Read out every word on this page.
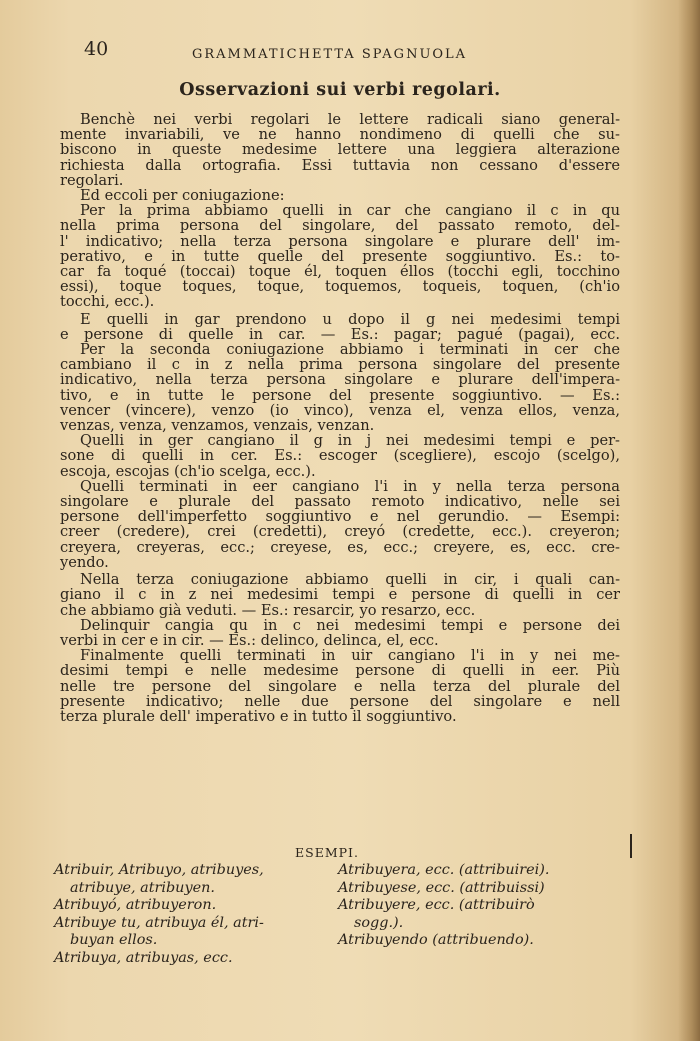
40	GRAMMATICHETTA SPAGNUOLA
Osservazioni sui verbi regolari.
Benchè nei verbi regolari le lettere radicali siano general-
mente invariabili, ve ne hanno nondimeno di quelli che su-
biscono in queste medesime lettere una leggiera alterazione
richiesta dalla ortografia. Essi tuttavia non cessano d'essere
regolari.
Ed eccoli per coniugazione:
Per la prima abbiamo quelli in car che cangiano il c in qu
nella prima persona del singolare, del passato remoto, del-
l' indicativo; nella terza persona singolare e plurare dell' im-
perativo, e in tutte quelle del presente soggiuntivo. Es.: to-
car fa toqué (toccai) toque él, toquen éllos (tocchi egli, tocchino
essi), toque toques, toque, toquemos, toqueis, toquen, (ch'io
tocchi, ecc.).
E quelli in gar prendono u dopo il g nei medesimi tempi
e persone di quelle in car. — Es.: pagar; pagué (pagai), ecc.
Per la seconda coniugazione abbiamo i terminati in cer che
cambiano il c in z nella prima persona singolare del presente
indicativo, nella terza persona singolare e plurare dell'impera-
tivo, e in tutte le persone del presente soggiuntivo. — Es.:
vencer (vincere), venzo (io vinco), venza el, venza ellos, venza,
venzas, venza, venzamos, venzais, venzan.
Quelli in ger cangiano il g in j nei medesimi tempi e per-
sone di quelli in cer. Es.: escoger (scegliere), escojo (scelgo),
escoja, escojas (ch'io scelga, ecc.).
Quelli terminati in eer cangiano l'i in y nella terza persona
singolare e plurale del passato remoto indicativo, nelle sei
persone dell'imperfetto soggiuntivo e nel gerundio. — Esempi:
creer (credere), crei (credetti), creyó (credette, ecc.). creyeron;
creyera, creyeras, ecc.; creyese, es, ecc.; creyere, es, ecc. cre-
yendo.
Nella terza coniugazione abbiamo quelli in cir, i quali can-
giano il c in z nei medesimi tempi e persone di quelli in cer
che abbiamo già veduti. — Es.: resarcir, yo resarzo, ecc.
Delinquir cangia qu in c nei medesimi tempi e persone dei
verbi in cer e in cir. — Es.: delinco, delinca, el, ecc.
Finalmente quelli terminati in uir cangiano l'i in y nei me-
desimi tempi e nelle medesime persone di quelli in eer. Più
nelle tre persone del singolare e nella terza del plurale del
presente indicativo; nelle due persone del singolare e nell
terza plurale dell' imperativo e in tutto il soggiuntivo.
ESEMPI.
Atribuir, Atribuyo, atribuyes,
atribuye, atribuyen.
Atribuyó, atribuyeron.
Atribuye tu, atribuya él, atri-
buyan ellos.
Atribuya, atribuyas, ecc.
Atribuyera, ecc. (attribuirei).
Atribuyese, ecc. (attribuissi)
Atribuyere, ecc. (attribuirò
sogg.).
Atribuyendo (attribuendo).
